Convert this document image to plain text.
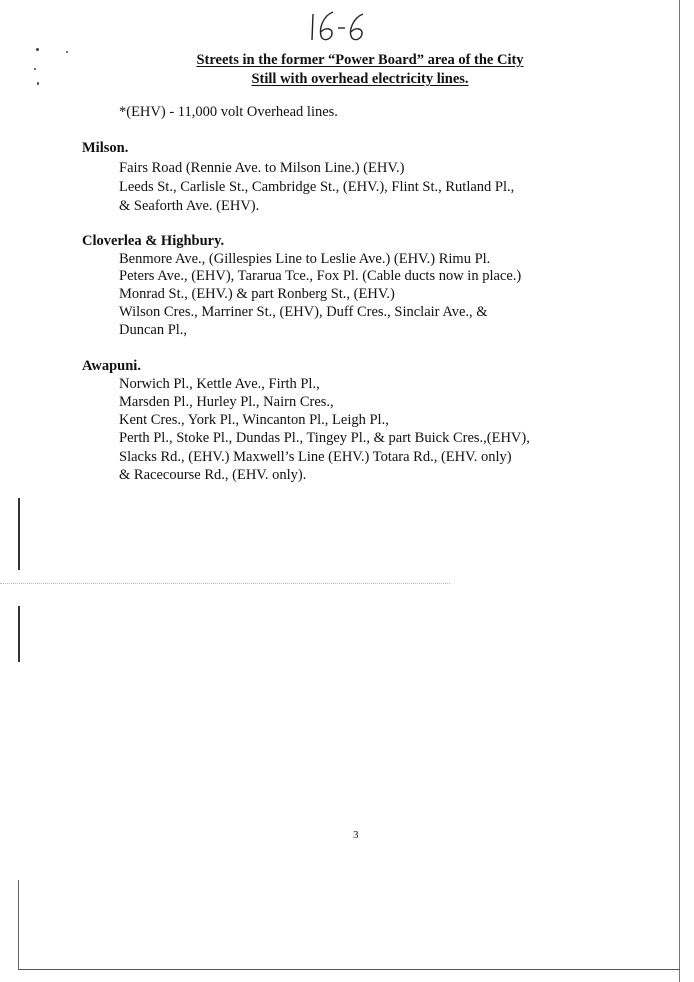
Streets in the former “Power Board” area of the City
Still with overhead electricity lines.
*(EHV) - 11,000 volt Overhead lines.
Milson.
Fairs Road (Rennie Ave. to Milson Line.) (EHV.)
Leeds St., Carlisle St., Cambridge St., (EHV.), Flint St., Rutland Pl.,
& Seaforth Ave. (EHV).
Cloverlea & Highbury.
Benmore Ave., (Gillespies Line to Leslie Ave.) (EHV.) Rimu Pl.
Peters Ave., (EHV), Tararua Tce., Fox Pl. (Cable ducts now in place.)
Monrad St., (EHV.) & part Ronberg St., (EHV.)
Wilson Cres., Marriner St., (EHV), Duff Cres., Sinclair Ave., &
Duncan Pl.,
Awapuni.
Norwich Pl., Kettle Ave., Firth Pl.,
Marsden Pl., Hurley Pl., Nairn Cres.,
Kent Cres., York Pl., Wincanton Pl., Leigh Pl.,
Perth Pl., Stoke Pl., Dundas Pl., Tingey Pl., & part Buick Cres.,(EHV),
Slacks Rd., (EHV.) Maxwell’s Line (EHV.) Totara Rd., (EHV. only)
& Racecourse Rd., (EHV. only).
3
